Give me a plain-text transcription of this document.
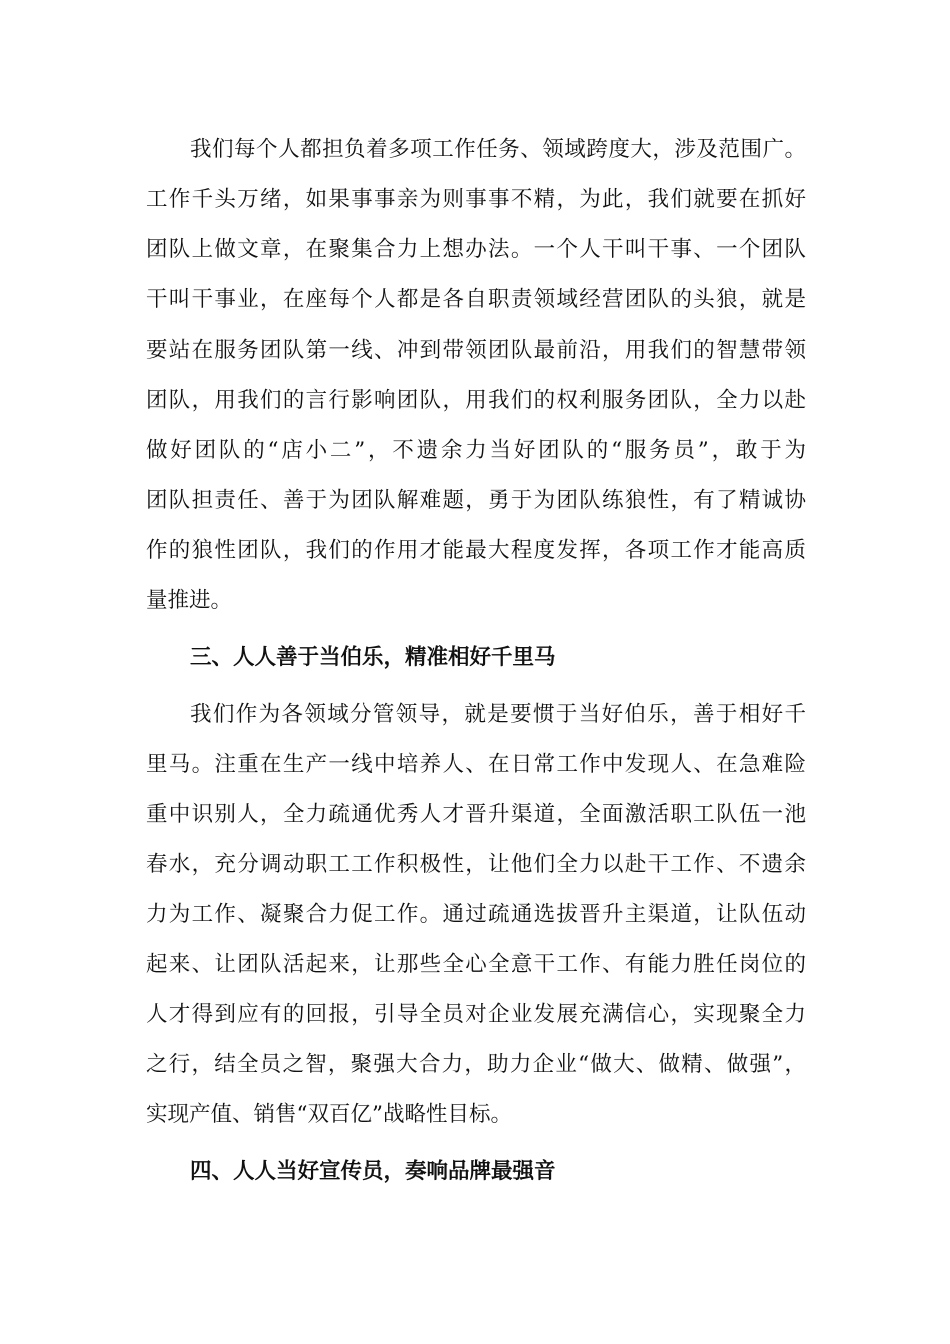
我们每个人都担负着多项工作任务、领域跨度大，涉及范围广。
工作千头万绪，如果事事亲为则事事不精，为此，我们就要在抓好
团队上做文章，在聚集合力上想办法。一个人干叫干事、一个团队
干叫干事业，在座每个人都是各自职责领域经营团队的头狼，就是
要站在服务团队第一线、冲到带领团队最前沿，用我们的智慧带领
团队，用我们的言行影响团队，用我们的权利服务团队，全力以赴
做好团队的“店小二”，不遗余力当好团队的“服务员”，敢于为
团队担责任、善于为团队解难题，勇于为团队练狼性，有了精诚协
作的狼性团队，我们的作用才能最大程度发挥，各项工作才能高质
量推进。
三、人人善于当伯乐，精准相好千里马
我们作为各领域分管领导，就是要惯于当好伯乐，善于相好千
里马。注重在生产一线中培养人、在日常工作中发现人、在急难险
重中识别人，全力疏通优秀人才晋升渠道，全面激活职工队伍一池
春水，充分调动职工工作积极性，让他们全力以赴干工作、不遗余
力为工作、凝聚合力促工作。通过疏通选拔晋升主渠道，让队伍动
起来、让团队活起来，让那些全心全意干工作、有能力胜任岗位的
人才得到应有的回报，引导全员对企业发展充满信心，实现聚全力
之行，结全员之智，聚强大合力，助力企业“做大、做精、做强”，
实现产值、销售“双百亿”战略性目标。
四、人人当好宣传员，奏响品牌最强音
